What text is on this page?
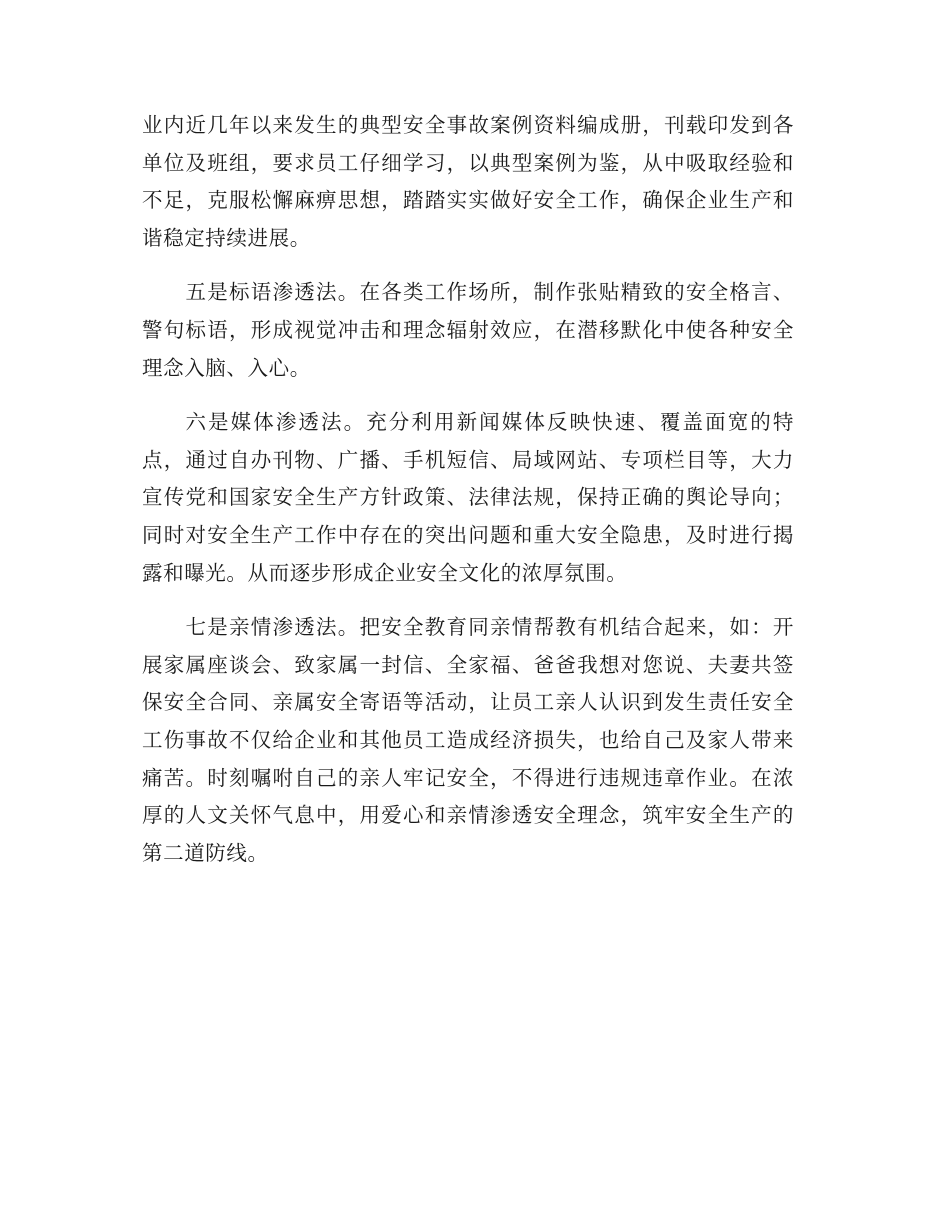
业内近几年以来发生的典型安全事故案例资料编成册，刊载印发到各单位及班组，要求员工仔细学习，以典型案例为鉴，从中吸取经验和不足，克服松懈麻痹思想，踏踏实实做好安全工作，确保企业生产和谐稳定持续进展。

五是标语渗透法。在各类工作场所，制作张贴精致的安全格言、警句标语，形成视觉冲击和理念辐射效应，在潜移默化中使各种安全理念入脑、入心。

六是媒体渗透法。充分利用新闻媒体反映快速、覆盖面宽的特点，通过自办刊物、广播、手机短信、局域网站、专项栏目等，大力宣传党和国家安全生产方针政策、法律法规，保持正确的舆论导向；同时对安全生产工作中存在的突出问题和重大安全隐患，及时进行揭露和曝光。从而逐步形成企业安全文化的浓厚氛围。

七是亲情渗透法。把安全教育同亲情帮教有机结合起来，如：开展家属座谈会、致家属一封信、全家福、爸爸我想对您说、夫妻共签保安全合同、亲属安全寄语等活动，让员工亲人认识到发生责任安全工伤事故不仅给企业和其他员工造成经济损失，也给自己及家人带来痛苦。时刻嘱咐自己的亲人牢记安全，不得进行违规违章作业。在浓厚的人文关怀气息中，用爱心和亲情渗透安全理念，筑牢安全生产的第二道防线。
